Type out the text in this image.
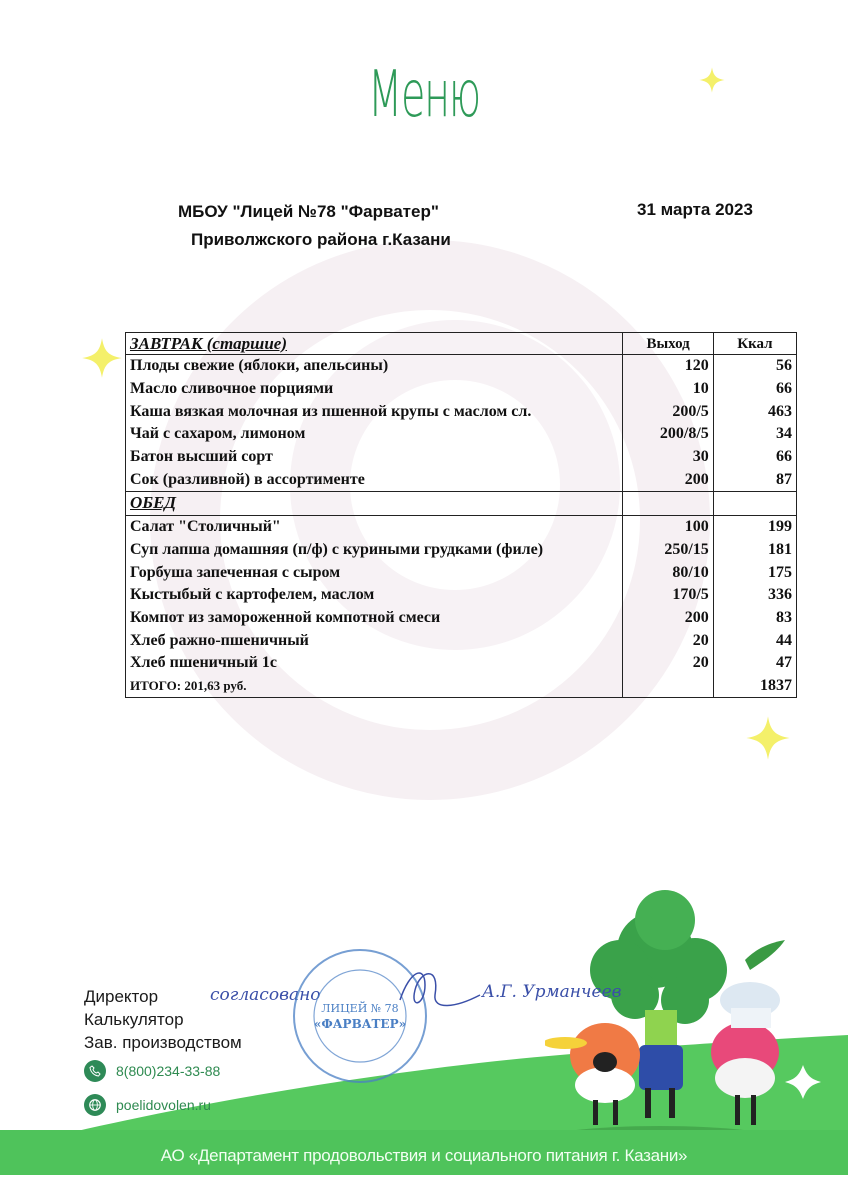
Меню
МБОУ "Лицей №78 "Фарватер"
Приволжского района г.Казани
31 марта 2023
ЗАВТРАК (старшие)	Выход	Ккал
Плоды свежие (яблоки, апельсины)	120	56
Масло сливочное порциями	10	66
Каша вязкая молочная из пшенной крупы с маслом сл.	200/5	463
Чай с сахаром, лимоном	200/8/5	34
Батон высший сорт	30	66
Сок (разливной) в ассортименте	200	87
ОБЕД		
Салат "Столичный"	100	199
Суп лапша домашняя (п/ф) с куриными грудками (филе)	250/15	181
Горбуша запеченная с сыром	80/10	175
Кыстыбый с картофелем, маслом	170/5	336
Компот из замороженной компотной смеси	200	83
Хлеб ражно-пшеничный	20	44
Хлеб пшеничный 1с	20	47
ИТОГО: 201,63 руб.		1837
АО «Департамент продовольствия и социального питания г. Казани»
Директор
Калькулятор
Зав. производством
согласовано	А.Г. Урманчеев
ЛИЦЕЙ № 78
«ФАРВАТЕР»
8(800)234-33-88
poelidovolen.ru
